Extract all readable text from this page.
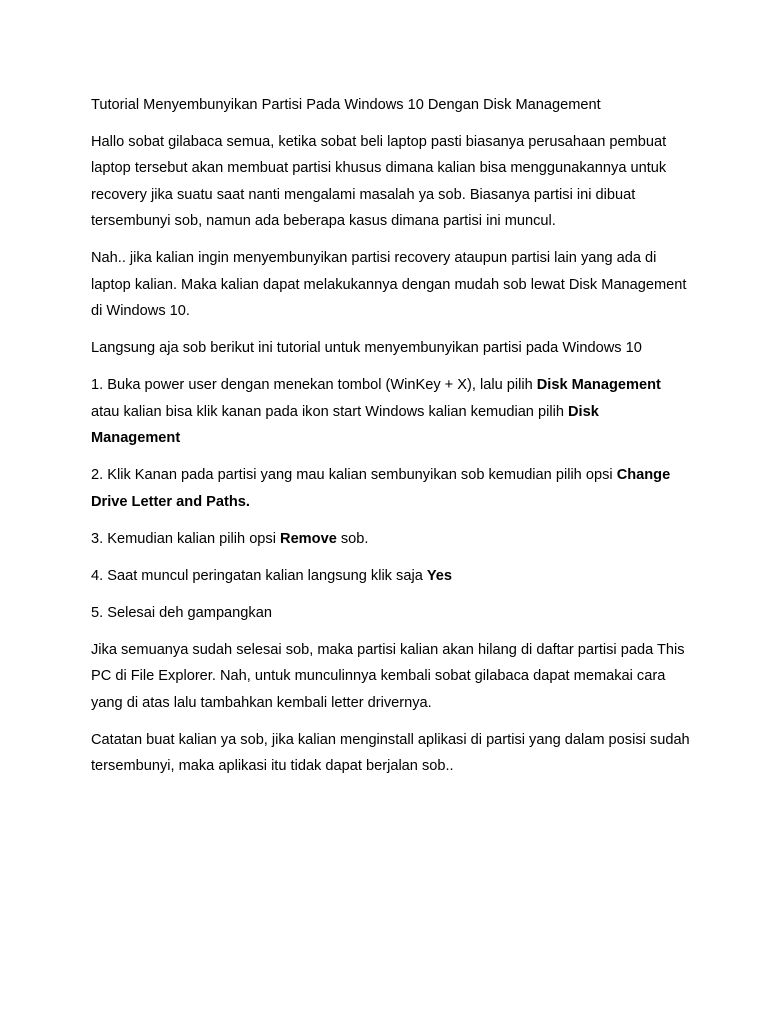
Tutorial Menyembunyikan Partisi Pada Windows 10 Dengan Disk Management

Hallo sobat gilabaca semua, ketika sobat beli laptop pasti biasanya perusahaan pembuat laptop tersebut akan membuat partisi khusus dimana kalian bisa menggunakannya untuk recovery jika suatu saat nanti mengalami masalah ya sob. Biasanya partisi ini dibuat tersembunyi sob, namun ada beberapa kasus dimana partisi ini muncul.

Nah.. jika kalian ingin menyembunyikan partisi recovery ataupun partisi lain yang ada di laptop kalian. Maka kalian dapat melakukannya dengan mudah sob lewat Disk Management di Windows 10.

Langsung aja sob berikut ini tutorial untuk menyembunyikan partisi pada Windows 10

1. Buka power user dengan menekan tombol (WinKey + X), lalu pilih Disk Management atau kalian bisa klik kanan pada ikon start Windows kalian kemudian pilih Disk Management

2. Klik Kanan pada partisi yang mau kalian sembunyikan sob kemudian pilih opsi Change Drive Letter and Paths.

3. Kemudian kalian pilih opsi Remove sob.

4. Saat muncul peringatan kalian langsung klik saja Yes

5. Selesai deh gampangkan

Jika semuanya sudah selesai sob, maka partisi kalian akan hilang di daftar partisi pada This PC di File Explorer. Nah, untuk munculinnya kembali sobat gilabaca dapat memakai cara yang di atas lalu tambahkan kembali letter drivernya.

Catatan buat kalian ya sob, jika kalian menginstall aplikasi di partisi yang dalam posisi sudah tersembunyi, maka aplikasi itu tidak dapat berjalan sob..
